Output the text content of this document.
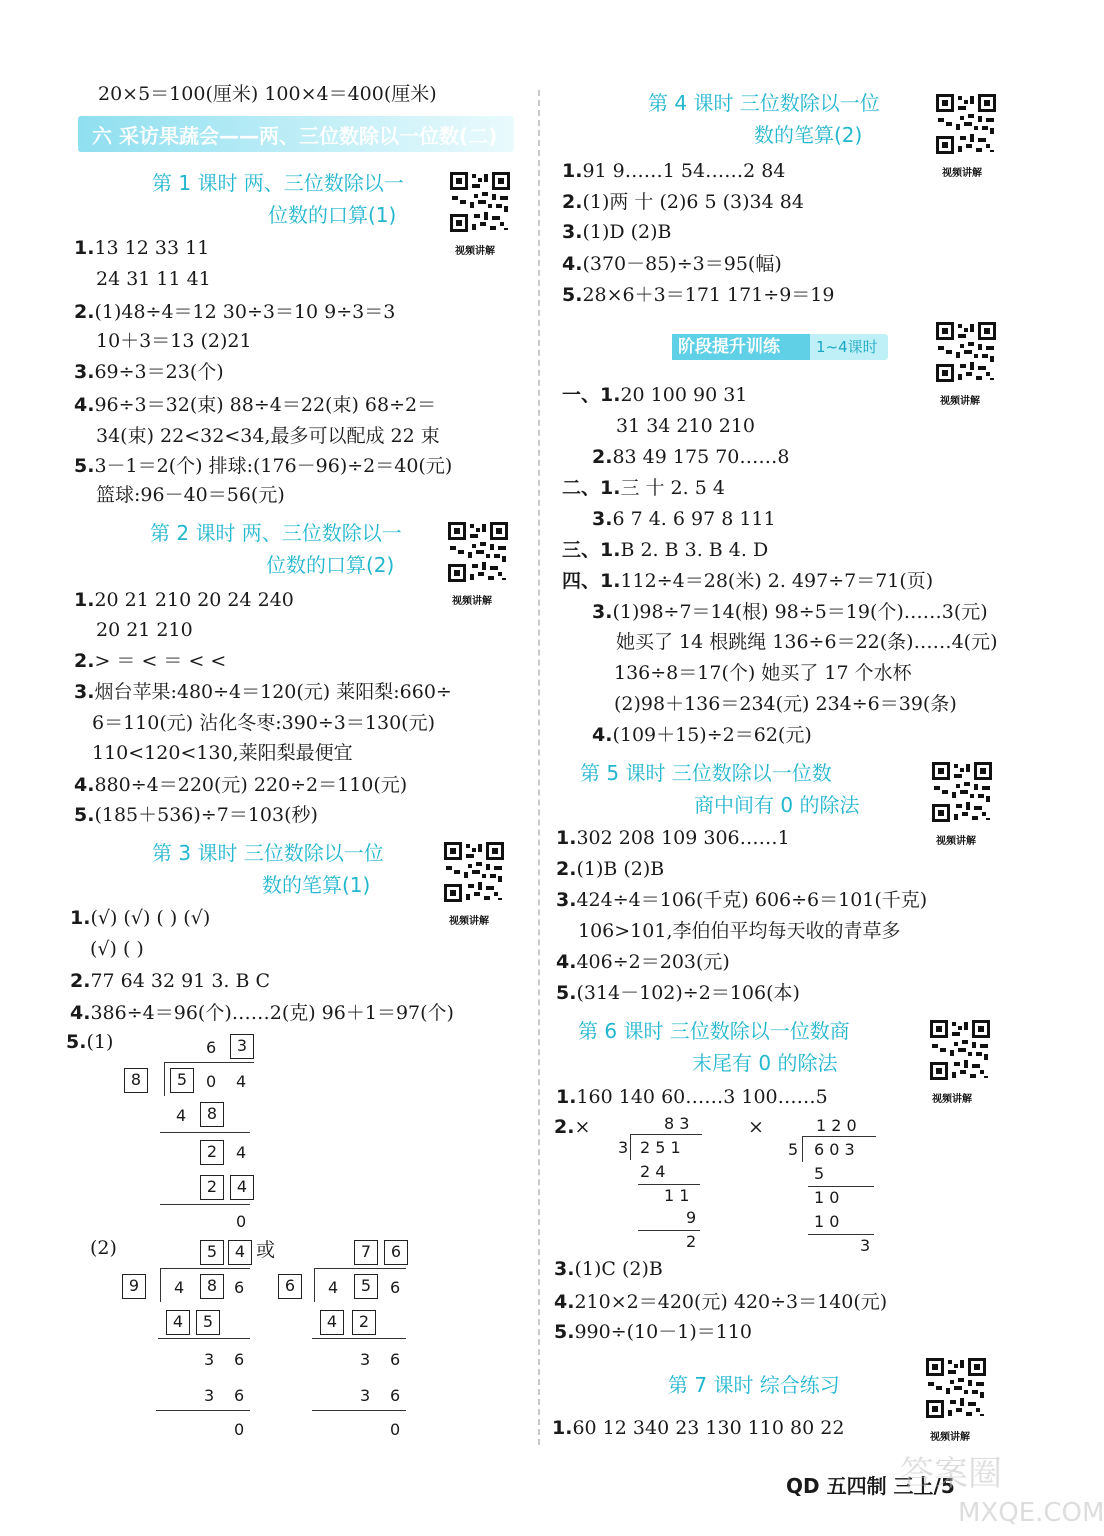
20×5＝100(厘米) 100×4＝400(厘米)
六 采访果蔬会——两、三位数除以一位数(二)
第 1 课时 两、三位数除以一
位数的口算(1)
视频讲解
1.13 12 33 11
24 31 11 41
2.(1)48÷4＝12 30÷3＝10 9÷3＝3
10＋3＝13 (2)21
3.69÷3＝23(个)
4.96÷3＝32(束) 88÷4＝22(束) 68÷2＝
34(束) 22<32<34,最多可以配成 22 束
5.3－1＝2(个) 排球:(176－96)÷2＝40(元)
篮球:96－40＝56(元)
第 2 课时 两、三位数除以一
位数的口算(2)
视频讲解
1.20 21 210 20 24 240
20 21 210
2.> ＝ < ＝ < <
3.烟台苹果:480÷4＝120(元) 莱阳梨:660÷
6＝110(元) 沾化冬枣:390÷3＝130(元)
110<120<130,莱阳梨最便宜
4.880÷4＝220(元) 220÷2＝110(元)
5.(185＋536)÷7＝103(秒)
第 3 课时 三位数除以一位
数的笔算(1)
视频讲解
1.(√) (√) ( ) (√)
(√) ( )
2.77 64 32 91 3. B C
4.386÷4＝96(个)……2(克) 96＋1＝97(个)
5.(1)	6	3
8	5	0 4
4	8
2	4
2	4
0
(2)	5	4
9	4	8	6
4	5
3 6
3 6
0
或	7	6
6	4	5	6
4	2
3 6
3 6
0
第 4 课时 三位数除以一位
数的笔算(2)
视频讲解
1.91 9……1 54……2 84
2.(1)两 十 (2)6 5 (3)34 84
3.(1)D (2)B
4.(370－85)÷3＝95(幅)
5.28×6＋3＝171 171÷9＝19
阶段提升训练	1~4课时
视频讲解
一、1.20 100 90 31
31 34 210 210
2.83 49 175 70……8
二、1.三 十 2. 5 4
3.6 7 4. 6 97 8 111
三、1.B 2. B 3. B 4. D
四、1.112÷4＝28(米) 2. 497÷7＝71(页)
3.(1)98÷7＝14(根) 98÷5＝19(个)……3(元)
她买了 14 根跳绳 136÷6＝22(条)……4(元)
136÷8＝17(个) 她买了 17 个水杯
(2)98＋136＝234(元) 234÷6＝39(条)
4.(109＋15)÷2＝62(元)
第 5 课时 三位数除以一位数
商中间有 0 的除法
视频讲解
1.302 208 109 306……1
2.(1)B (2)B
3.424÷4＝106(千克) 606÷6＝101(千克)
106>101,李伯伯平均每天收的青草多
4.406÷2＝203(元)
5.(314－102)÷2＝106(本)
第 6 课时 三位数除以一位数商
末尾有 0 的除法
视频讲解
1.160 140 60……3 100……5
2.×	×
8 3
3 2 5 1
2 4
1 1
9
2
1 2 0
5 6 0 3
5
1 0
1 0
3
3.(1)C (2)B
4.210×2＝420(元) 420÷3＝140(元)
5.990÷(10－1)＝110
第 7 课时 综合练习
视频讲解
1.60 12 340 23 130 110 80 22
QD 五四制 三上/5
答案圈
MXQE.COM
